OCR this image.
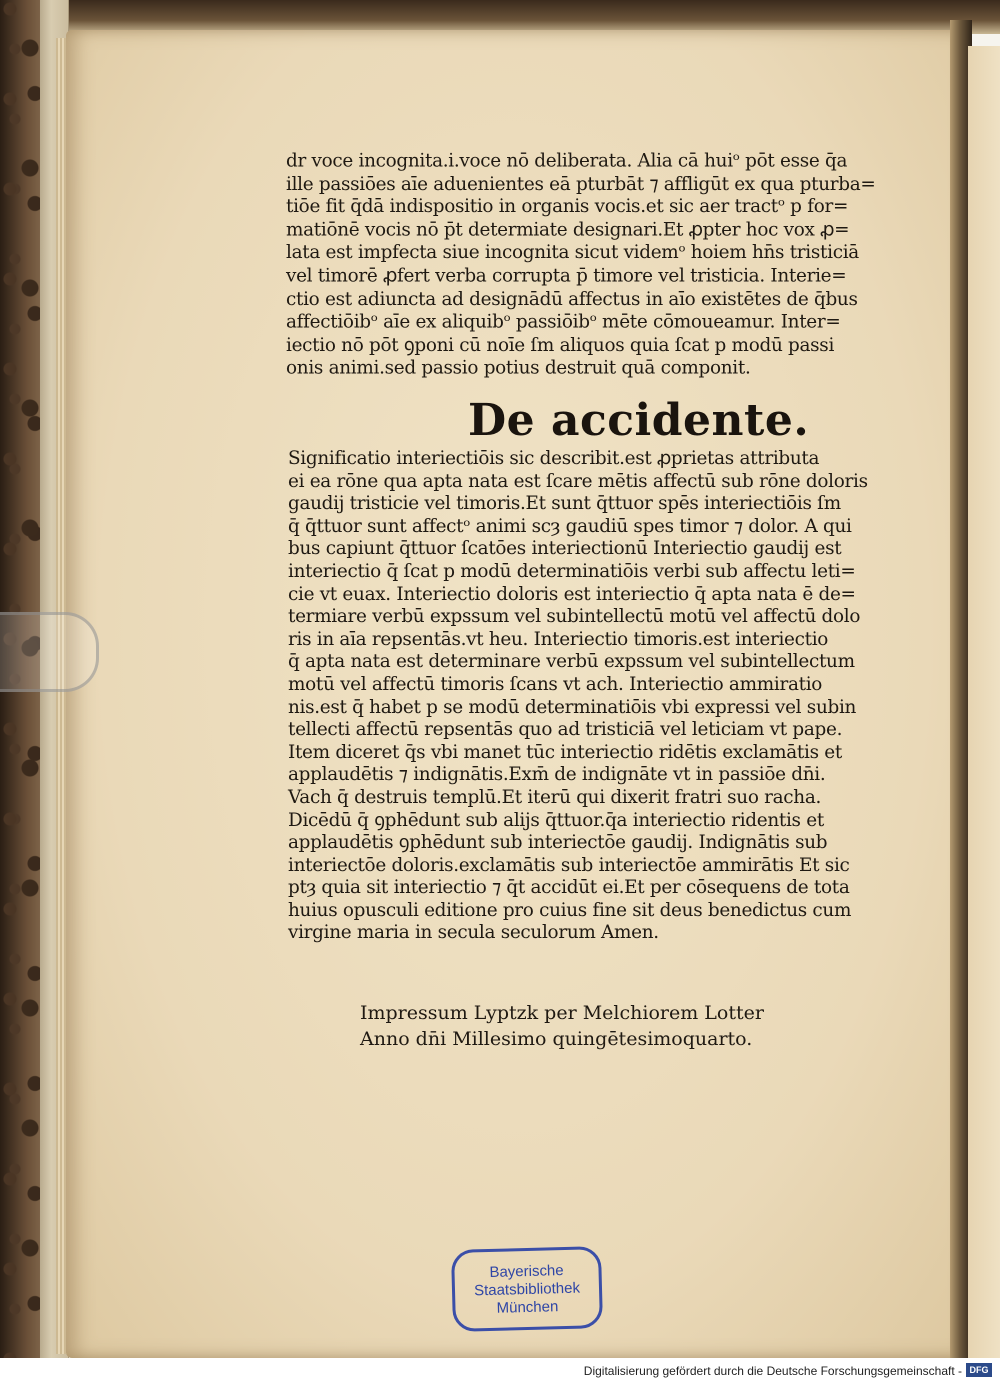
dr voce incognita.i.voce nō deliberata. Alia cā huiᵒ pōt esse q̄a
ille passiōes aīe aduenientes eā pturbāt ⁊ affligūt ex qua pturba=
tiōe fit q̄dā indispositio in organis vocis.et sic aer tractᵒ p for=
matiōnē vocis nō p̄t determiate designari.Et ꝓpter hoc vox ꝓ=
lata est impfecta siue incognita sicut videmᵒ hoiem hn̄s tristiciā
vel timorē ꝓfert verba corrupta p̄ timore vel tristicia. Interie=
ctio est adiuncta ad designādū affectus in aīo existētes de q̄bus
affectiōibᵒ aīe ex aliquibᵒ passiōibᵒ mēte cōmoueamur. Inter=
iectio nō pōt ꝯponi cū noīe ſm aliquos quia ſcat p modū passi
onis animi.sed passio potius destruit quā componit.
De accidente.
Significatio interiectiōis sic describit.est ꝓprietas attributa
ei ea rōne qua apta nata est ſcare mētis affectū sub rōne doloris
gaudij tristicie vel timoris.Et sunt q̄ttuor spēs interiectiōis ſm
q̄ q̄ttuor sunt affectᵒ animi scȝ gaudiū spes timor ⁊ dolor. A qui
bus capiunt q̄ttuor ſcatōes interiectionū Interiectio gaudij est
interiectio q̄ ſcat p modū determinatiōis verbi sub affectu leti=
cie vt euax. Interiectio doloris est interiectio q̄ apta nata ē de=
termiare verbū expssum vel subintellectū motū vel affectū dolo
ris in aīa repsentās.vt heu. Interiectio timoris.est interiectio
q̄ apta nata est determinare verbū expssum vel subintellectum
motū vel affectū timoris ſcans vt ach. Interiectio ammiratio
nis.est q̄ habet p se modū determinatiōis vbi expressi vel subin
tellecti affectū repsentās quo ad tristiciā vel leticiam vt pape.
Item diceret q̄s vbi manet tūc interiectio ridētis exclamātis et
applaudētis ⁊ indignātis.Exm̄ de indignāte vt in passiōe dn̄i.
Vach q̄ destruis templū.Et iterū qui dixerit fratri suo racha.
Dicēdū q̄ ꝯphēdunt sub alijs q̄ttuor.q̄a interiectio ridentis et
applaudētis ꝯphēdunt sub interiectōe gaudij. Indignātis sub
interiectōe doloris.exclamātis sub interiectōe ammirātis Et sic
ptȝ quia sit interiectio ⁊ q̄t accidūt ei.Et per cōsequens de tota
huius opusculi editione pro cuius fine sit deus benedictus cum
virgine maria in secula seculorum Amen.
Impressum Lyptzk per Melchiorem Lotter
Anno dn̄i Millesimo quingētesimoquarto.
Bayerische
Staatsbibliothek
München
Digitalisierung gefördert durch die Deutsche Forschungsgemeinschaft - DFG
